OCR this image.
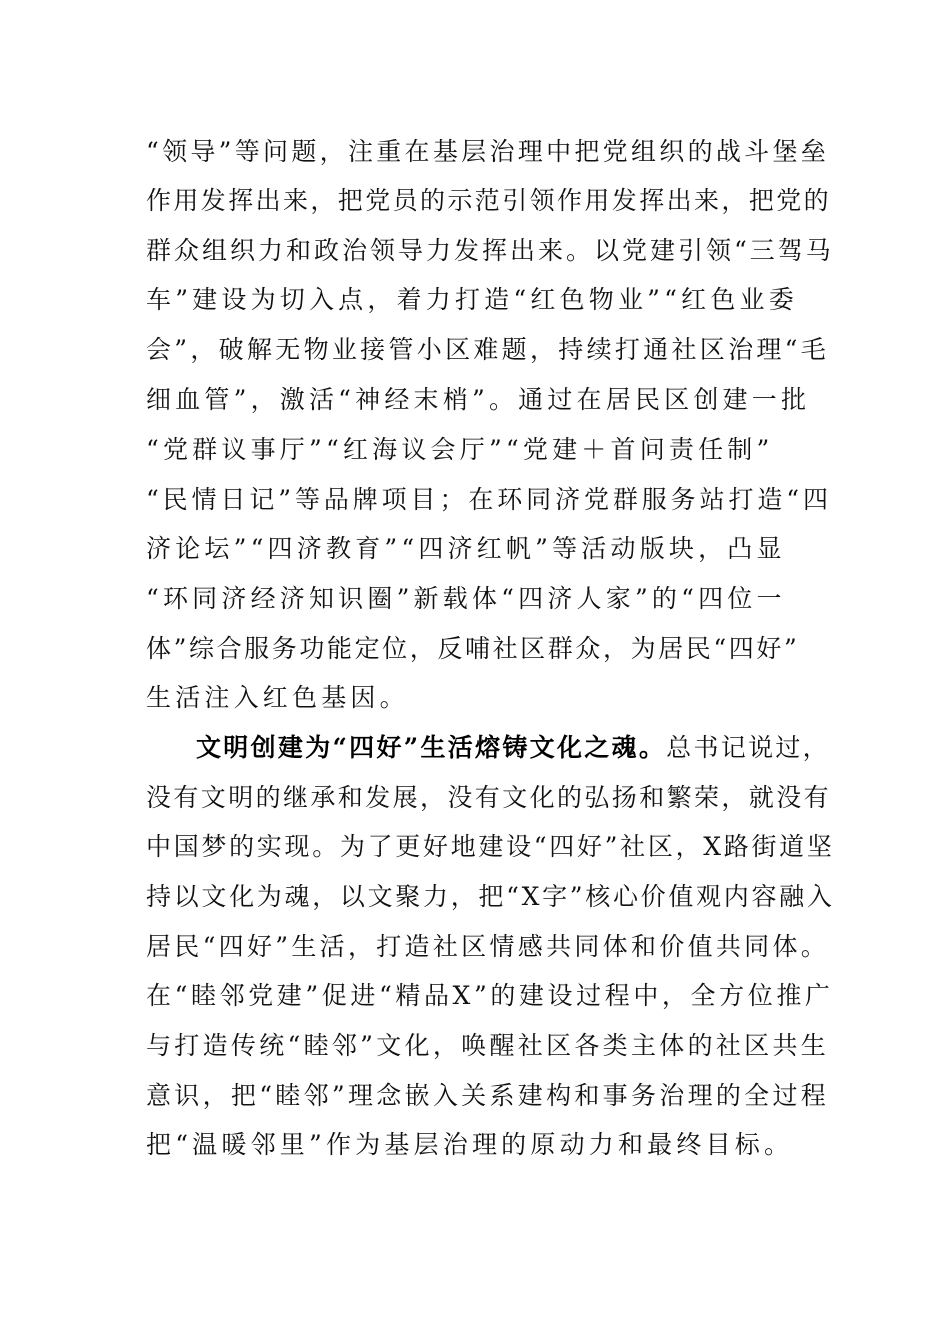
“领导”等问题，注重在基层治理中把党组织的战斗堡垒
作用发挥出来，把党员的示范引领作用发挥出来，把党的
群众组织力和政治领导力发挥出来。以党建引领“三驾马
车”建设为切入点，着力打造“红色物业”“红色业委
会”，破解无物业接管小区难题，持续打通社区治理“毛
细血管”，激活“神经末梢”。通过在居民区创建一批
“党群议事厅”“红海议会厅”“党建＋首问责任制”
“民情日记”等品牌项目；在环同济党群服务站打造“四
济论坛”“四济教育”“四济红帆”等活动版块，凸显
“环同济经济知识圈”新载体“四济人家”的“四位一
体”综合服务功能定位，反哺社区群众，为居民“四好”
生活注入红色基因。
文明创建为“四好”生活熔铸文化之魂。总书记说过，
没有文明的继承和发展，没有文化的弘扬和繁荣，就没有
中国梦的实现。为了更好地建设“四好”社区，X路街道坚
持以文化为魂，以文聚力，把“X字”核心价值观内容融入
居民“四好”生活，打造社区情感共同体和价值共同体。
在“睦邻党建”促进“精品X”的建设过程中，全方位推广
与打造传统“睦邻”文化，唤醒社区各类主体的社区共生
意识，把“睦邻”理念嵌入关系建构和事务治理的全过程
把“温暖邻里”作为基层治理的原动力和最终目标。
